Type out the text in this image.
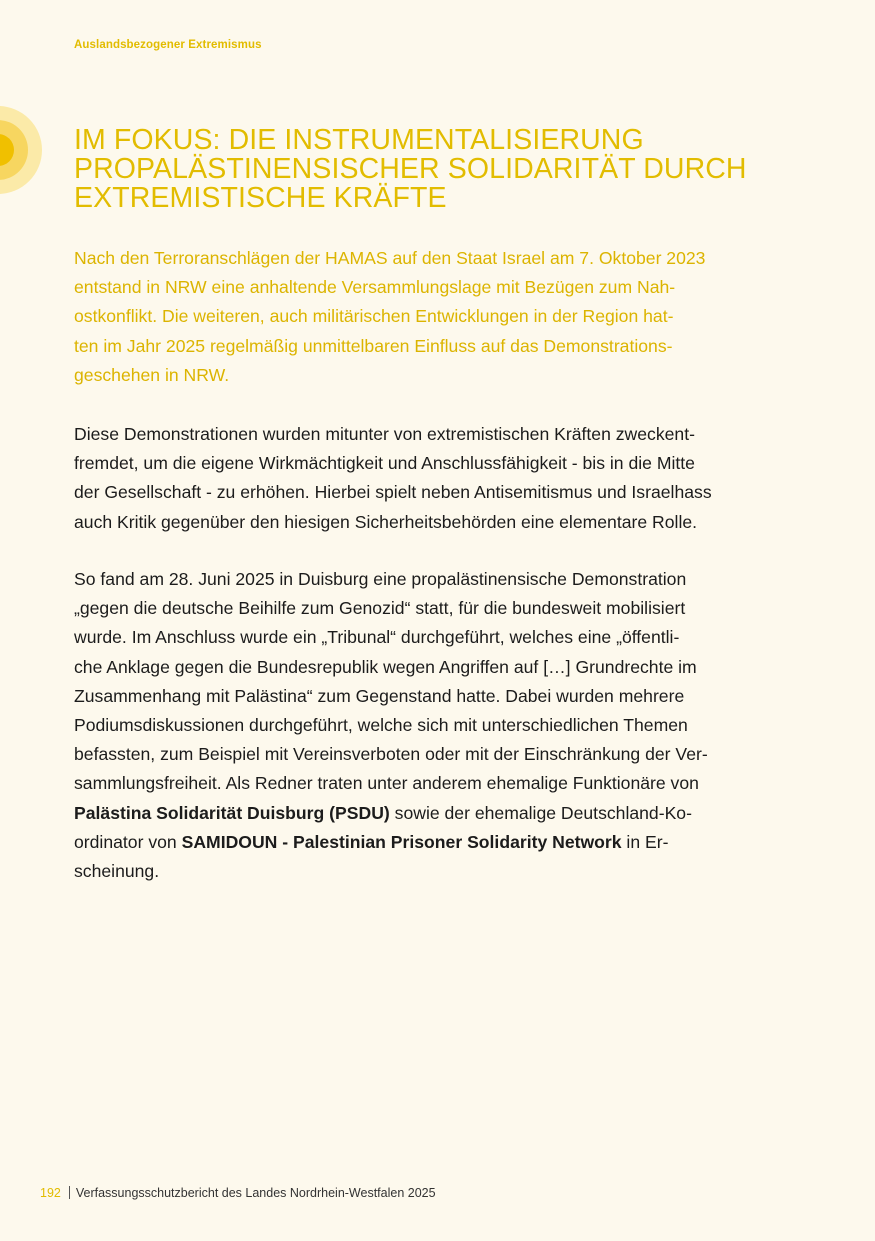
Auslandsbezogener Extremismus
IM FOKUS: DIE INSTRUMENTALISIERUNG
PROPALÄSTINENSISCHER SOLIDARITÄT DURCH
EXTREMISTISCHE KRÄFTE

Nach den Terroranschlägen der HAMAS auf den Staat Israel am 7. Oktober 2023
entstand in NRW eine anhaltende Versammlungslage mit Bezügen zum Nah-
ostkonflikt. Die weiteren, auch militärischen Entwicklungen in der Region hat-
ten im Jahr 2025 regelmäßig unmittelbaren Einfluss auf das Demonstrations-
geschehen in NRW.

Diese Demonstrationen wurden mitunter von extremistischen Kräften zweckent-
fremdet, um die eigene Wirkmächtigkeit und Anschlussfähigkeit - bis in die Mitte
der Gesellschaft - zu erhöhen. Hierbei spielt neben Antisemitismus und Israelhass
auch Kritik gegenüber den hiesigen Sicherheitsbehörden eine elementare Rolle.

So fand am 28. Juni 2025 in Duisburg eine propalästinensische Demonstration
„gegen die deutsche Beihilfe zum Genozid“ statt, für die bundesweit mobilisiert
wurde. Im Anschluss wurde ein „Tribunal“ durchgeführt, welches eine „öffentli-
che Anklage gegen die Bundesrepublik wegen Angriffen auf […] Grundrechte im
Zusammenhang mit Palästina“ zum Gegenstand hatte. Dabei wurden mehrere
Podiumsdiskussionen durchgeführt, welche sich mit unterschiedlichen Themen
befassten, zum Beispiel mit Vereinsverboten oder mit der Einschränkung der Ver-
sammlungsfreiheit. Als Redner traten unter anderem ehemalige Funktionäre von
Palästina Solidarität Duisburg (PSDU) sowie der ehemalige Deutschland-Ko-
ordinator von SAMIDOUN - Palestinian Prisoner Solidarity Network in Er-
scheinung.

192 Verfassungsschutzbericht des Landes Nordrhein-Westfalen 2025
